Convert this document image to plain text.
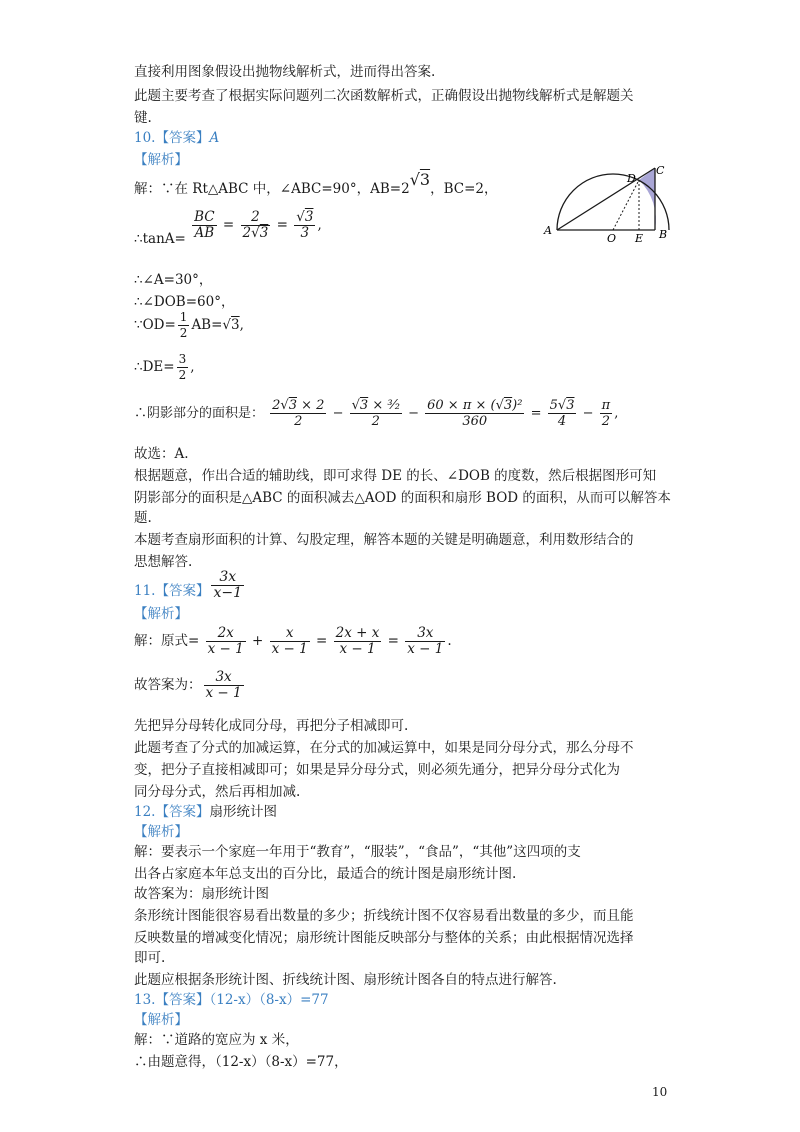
直接利用图象假设出抛物线解析式，进而得出答案.
此题主要考查了根据实际问题列二次函数解析式，正确假设出抛物线解析式是解题关
键.
10.【答案】A
【解析】
解：∵在 Rt△ABC 中，∠ABC=90°，AB=2√3，BC=2，
∴tanA= $\frac{BC}{AB} = \frac{2}{2√3} = \frac{√3}{3}$ ,	A	B
C
D
O E
∴∠A=30°，
∴∠DOB=60°，
∵OD= $\frac{1}{2} AB=√3$,
∴DE= $\frac{3}{2}$ ,
∴阴影部分的面积是： $\frac{2√3 \times 2}{2} - \frac{\text{√3 × ³⁄₂}}{2} - \frac{\text{60 × π × (√3)²}}{360} = \frac{5√3}{4} - \frac{\pi}{2}$ ,
故选：A.
根据题意，作出合适的辅助线，即可求得 DE 的长、∠DOB 的度数，然后根据图形可知
阴影部分的面积是△ABC 的面积减去△AOD 的面积和扇形 BOD 的面积，从而可以解答本
题.
本题考查扇形面积的计算、勾股定理，解答本题的关键是明确题意，利用数形结合的
思想解答.
11.【答案】 $\frac{3x}{x-1}$
【解析】
解：原式= $\frac{2x}{x - 1} + \frac{x}{x - 1} = \frac{2x + x}{x - 1} = \frac{3x}{x - 1}$ .
故答案为： $\frac{3x}{x - 1}$
先把异分母转化成同分母，再把分子相减即可.
此题考查了分式的加减运算，在分式的加减运算中，如果是同分母分式，那么分母不
变，把分子直接相减即可；如果是异分母分式，则必须先通分，把异分母分式化为
同分母分式，然后再相加减.
12.【答案】扇形统计图
【解析】
解：要表示一个家庭一年用于“教育”，“服装”，“食品”，“其他”这四项的支
出各占家庭本年总支出的百分比，最适合的统计图是扇形统计图.
故答案为：扇形统计图
条形统计图能很容易看出数量的多少；折线统计图不仅容易看出数量的多少，而且能
反映数量的增减变化情况；扇形统计图能反映部分与整体的关系；由此根据情况选择
即可.
此题应根据条形统计图、折线统计图、扇形统计图各自的特点进行解答.
13.【答案】（12-x）（8-x）=77
【解析】
解：∵道路的宽应为 x 米，
∴由题意得，（12-x）（8-x）=77，
10
